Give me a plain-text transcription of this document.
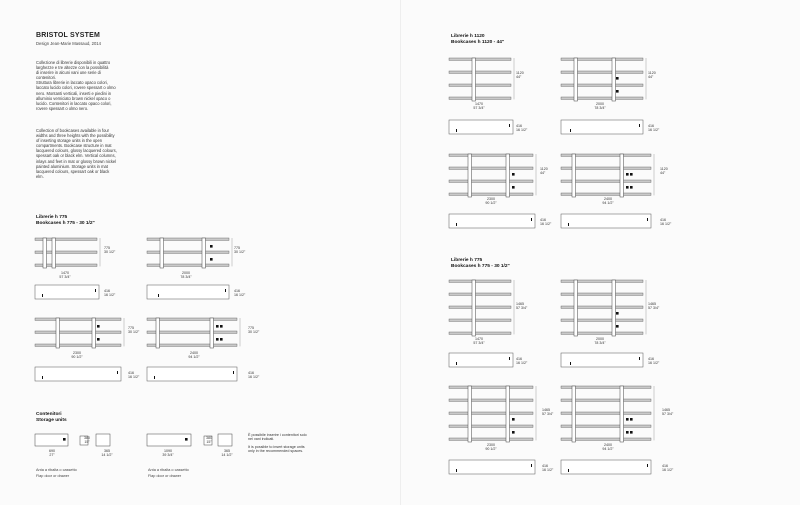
BRISTOL SYSTEM
Design Jean-Marie Massaud, 2014
Collezione di librerie disponibili in quattro
larghezze e tre altezze con la possibilità
di inserire in alcuni vani une serie di
contenitori.
Struttura librerie in laccato opaco colori,
laccato lucido colori, rovere spessart o olmo
nero. Montanti verticali, inserti e piedini in
alluminio verniciato brown nickel opaco o
lucido. Contenitori in laccato opaco colori,
rovere spessart o olmo nero.
Collection of bookcases available in four
widths and three heights with the possibility
of inserting storage units in the open
compartments. Bookcase structure in mat
lacquered colours, glossy lacquered colours,
spessart oak or black elm. Vertical columns,
inlays and feet in mat or glossy brown nickel
painted aluminium. Storage units in mat
lacquered colours, spessart oak or black
elm.
Librerie h 775
Bookcases h 775 - 30 1/2"
775
30 1/2"
1470
57 3/4"
775
30 1/2"
2000
78 3/4"
416
16 1/2"
416
16 1/2"
775
30 1/2"
2300
90 1/2"
775
30 1/2"
2400
94 1/2"
416
16 1/2"
416
16 1/2"
Contenitori
Storage units
690
27"
380
15"
365
14 1/2"
Anta a ribalta o cassetto
Flap door or drawer
1090
39 3/4"
380
15"
365
14 1/2"
Anta a ribalta o cassetto
Flap door or drawer
È possibile inserire i contenitori solo
nei vani indicati.
It is possible to insert storage units
only in the recommended spaces.
Librerie h 1120
Bookcases h 1120 - 44"
1120
44"
1470
57 3/4"
1120
44"
2000
78 3/4"
416
16 1/2"
416
16 1/2"
1120
44"
2300
90 1/2"
1120
44"
2400
94 1/2"
416
16 1/2"
416
16 1/2"
Librerie h 775
Bookcases h 775 - 30 1/2"
1465
57 3/4"
1470
57 3/4"
1465
57 3/4"
2000
78 3/4"
416
16 1/2"
416
16 1/2"
1465
57 3/4"
2300
90 1/2"
1465
57 3/4"
2400
94 1/2"
416
16 1/2"
416
16 1/2"
